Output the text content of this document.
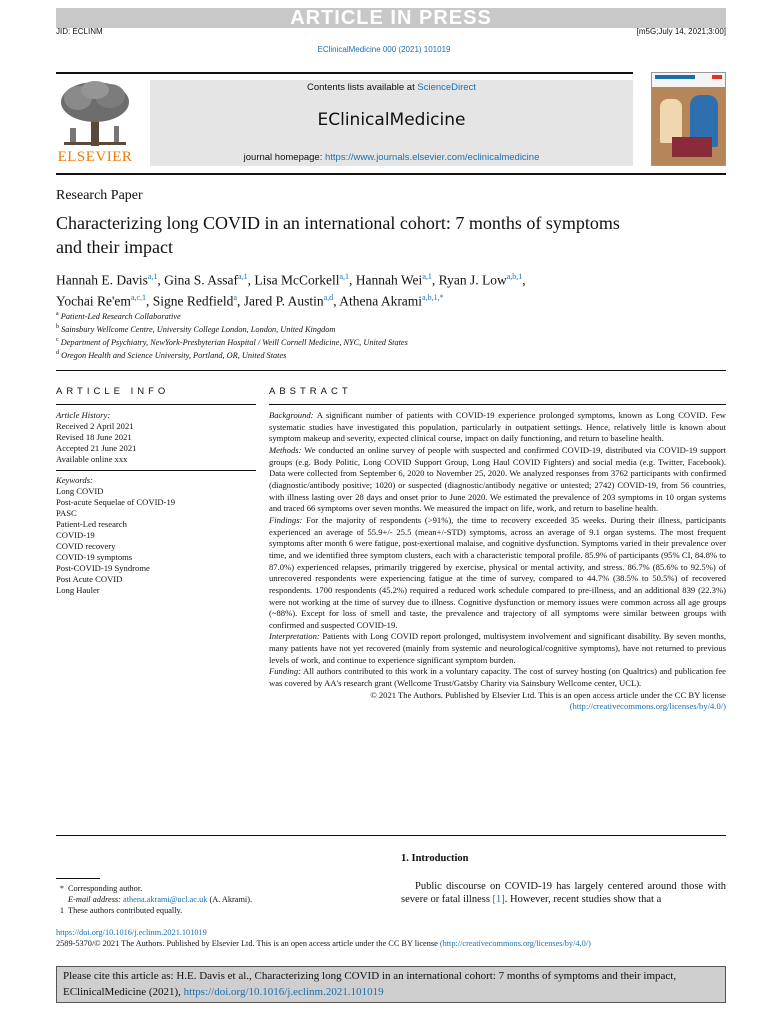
ARTICLE IN PRESS
JID: ECLINM	[m5G;July 14, 2021;3:00]
EClinicalMedicine 000 (2021) 101019
ELSEVIER
Contents lists available at ScienceDirect
EClinicalMedicine
journal homepage: https://www.journals.elsevier.com/eclinicalmedicine
Research Paper
Characterizing long COVID in an international cohort: 7 months of symptoms and their impact
Hannah E. Davis$^{a,1}$, Gina S. Assaf$^{a,1}$, Lisa McCorkell$^{a,1}$, Hannah Wei$^{a,1}$, Ryan J. Low$^{a,b,1}$,
Yochai Re'em$^{a,c,1}$, Signe Redfield$^a$, Jared P. Austin$^{a,d}$, Athena Akrami$^{a,b,1,*}$
$^a$ Patient-Led Research Collaborative
$^b$ Sainsbury Wellcome Centre, University College London, London, United Kingdom
$^c$ Department of Psychiatry, NewYork-Presbyterian Hospital / Weill Cornell Medicine, NYC, United States
$^d$ Oregon Health and Science University, Portland, OR, United States
ARTICLE INFO	ABSTRACT
Article History:
Received 2 April 2021
Revised 18 June 2021
Accepted 21 June 2021
Available online xxx
Keywords:
Long COVID
Post-acute Sequelae of COVID-19
PASC
Patient-Led research
COVID-19
COVID recovery
COVID-19 symptoms
Post-COVID-19 Syndrome
Post Acute COVID
Long Hauler

Background: A significant number of patients with COVID-19 experience prolonged symptoms, known as Long COVID. Few systematic studies have investigated this population, particularly in outpatient settings. Hence, relatively little is known about symptom makeup and severity, expected clinical course, impact on daily functioning, and return to baseline health.

Methods: We conducted an online survey of people with suspected and confirmed COVID-19, distributed via COVID-19 support groups (e.g. Body Politic, Long COVID Support Group, Long Haul COVID Fighters) and social media (e.g. Twitter, Facebook). Data were collected from September 6, 2020 to November 25, 2020. We analyzed responses from 3762 participants with confirmed (diagnostic/antibody positive; 1020) or suspected (diagnostic/antibody negative or untested; 2742) COVID-19, from 56 countries, with illness lasting over 28 days and onset prior to June 2020. We estimated the prevalence of 203 symptoms in 10 organ systems and traced 66 symptoms over seven months. We measured the impact on life, work, and return to baseline health.

Findings: For the majority of respondents (>91%), the time to recovery exceeded 35 weeks. During their illness, participants experienced an average of 55.9+/- 25.5 (mean+/-STD) symptoms, across an average of 9.1 organ systems. The most frequent symptoms after month 6 were fatigue, post-exertional malaise, and cognitive dysfunction. Symptoms varied in their prevalence over time, and we identified three symptom clusters, each with a characteristic temporal profile. 85.9% of participants (95% CI, 84.8% to 87.0%) experienced relapses, primarily triggered by exercise, physical or mental activity, and stress. 86.7% (85.6% to 92.5%) of unrecovered respondents were experiencing fatigue at the time of survey, compared to 44.7% (38.5% to 50.5%) of recovered respondents. 1700 respondents (45.2%) required a reduced work schedule compared to pre-illness, and an additional 839 (22.3%) were not working at the time of survey due to illness. Cognitive dysfunction or memory issues were common across all age groups (~88%). Except for loss of smell and taste, the prevalence and trajectory of all symptoms were similar between groups with confirmed and suspected COVID-19.

Interpretation: Patients with Long COVID report prolonged, multisystem involvement and significant disability. By seven months, many patients have not yet recovered (mainly from systemic and neurological/cognitive symptoms), have not returned to previous levels of work, and continue to experience significant symptom burden.

Funding: All authors contributed to this work in a voluntary capacity. The cost of survey hosting (on Qualtrics) and publication fee was covered by AA's research grant (Wellcome Trust/Gatsby Charity via Sainsbury Wellcome center, UCL).

© 2021 The Authors. Published by Elsevier Ltd. This is an open access article under the CC BY license
(http://creativecommons.org/licenses/by/4.0/)

1. Introduction
Public discourse on COVID-19 has largely centered around those with severe or fatal illness [1]. However, recent studies show that a
* Corresponding author.
E-mail address: athena.akrami@ucl.ac.uk (A. Akrami).
1 These authors contributed equally.
https://doi.org/10.1016/j.eclinm.2021.101019
2589-5370/© 2021 The Authors. Published by Elsevier Ltd. This is an open access article under the CC BY license (http://creativecommons.org/licenses/by/4.0/)
Please cite this article as: H.E. Davis et al., Characterizing long COVID in an international cohort: 7 months of symptoms and their impact, EClinicalMedicine (2021), https://doi.org/10.1016/j.eclinm.2021.101019
